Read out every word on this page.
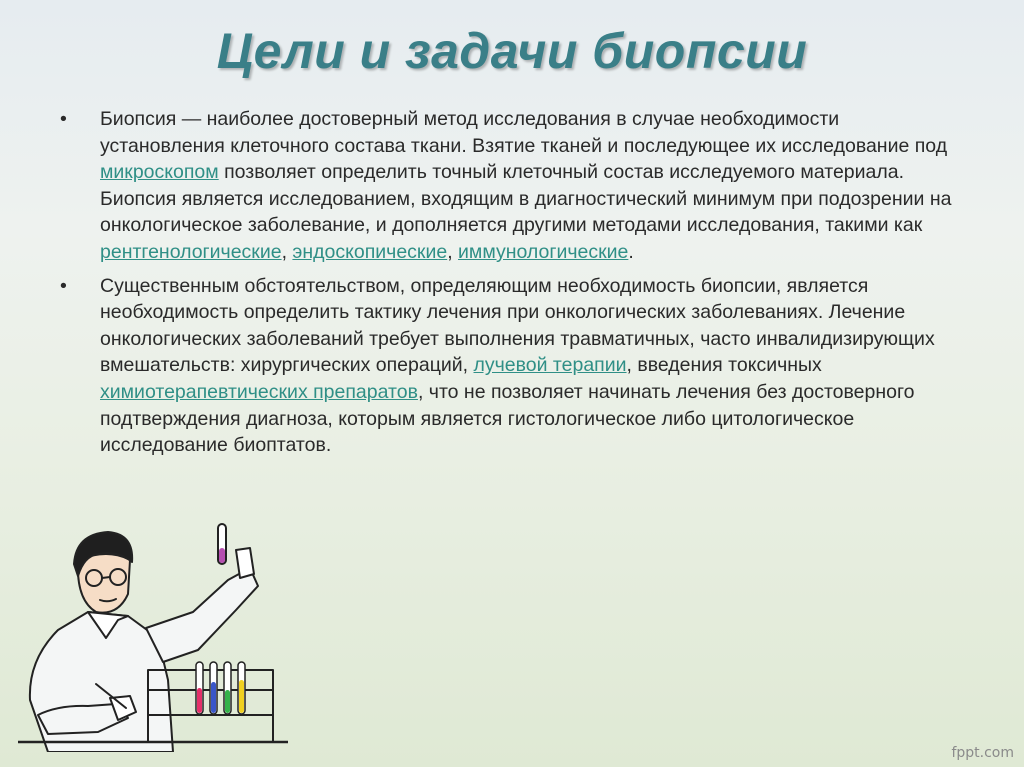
Цели и задачи биопсии
•	Биопсия — наиболее достоверный метод исследования в случае необходимости установления клеточного состава ткани. Взятие тканей и последующее их исследование под микроскопом позволяет определить точный клеточный состав исследуемого материала. Биопсия является исследованием, входящим в диагностический минимум при подозрении на онкологическое заболевание, и дополняется другими методами исследования, такими как рентгенологические, эндоскопические, иммунологические.
•	Существенным обстоятельством, определяющим необходимость биопсии, является необходимость определить тактику лечения при онкологических заболеваниях. Лечение онкологических заболеваний требует выполнения травматичных, часто инвалидизирующих вмешательств: хирургических операций, лучевой терапии, введения токсичных химиотерапевтических препаратов, что не позволяет начинать лечения без достоверного подтверждения диагноза, которым является гистологическое либо цитологическое исследование биоптатов.
fppt.com
